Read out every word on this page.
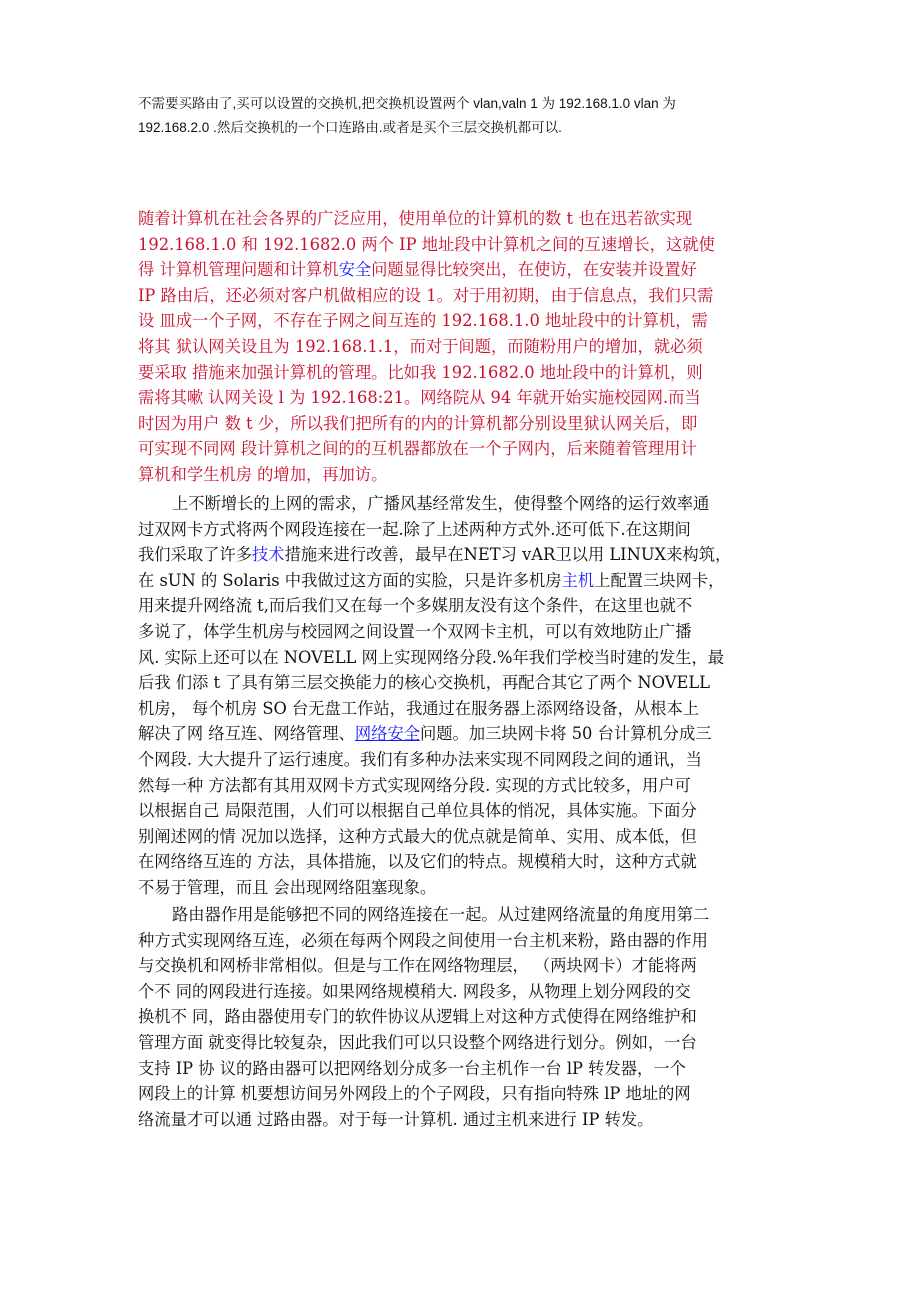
不需要买路由了,买可以设置的交换机,把交换机设置两个 vlan,valn 1 为 192.168.1.0 vlan 为
192.168.2.0 .然后交换机的一个口连路由.或者是买个三层交换机都可以.
随着计算机在社会各界的广泛应用，使用单位的计算机的数 t 也在迅若欲实现
192.168.1.0 和 192.1682.0 两个 IP 地址段中计算机之间的互速增长，这就使
得 计算机管理问题和计算机安全问题显得比较突出，在使访，在安装并设置好
IP 路由后，还必须对客户机做相应的设 1。对于用初期，由于信息点，我们只需
设 皿成一个子网，不存在子网之间互连的 192.168.1.0 地址段中的计算机，需
将其 狱认网关设且为 192.168.1.1，而对于间题，而随粉用户的增加，就必须
要采取 措施来加强计算机的管理。比如我 192.1682.0 地址段中的计算机，则
需将其嗽 认网关设 l 为 192.168:21。网络院从 94 年就开始实施校园网.而当
时因为用户 数 t 少，所以我们把所有的内的计算机都分别设里狱认网关后，即
可实现不同网 段计算机之间的的互机器都放在一个子网内，后来随着管理用计
算机和学生机房 的增加，再加访。
上不断增长的上网的需求，广播风基经常发生，使得整个网络的运行效率通
过双网卡方式将两个网段连接在一起.除了上述两种方式外.还可低下.在这期间
我们采取了许多技术措施来进行改善，最早在NET习 vAR卫以用 LINUX来构筑，
在 sUN 的 Solaris 中我做过这方面的实脸，只是许多机房主机上配置三块网卡，
用来提升网络流 t,而后我们又在每一个多媒朋友没有这个条件，在这里也就不
多说了，体学生机房与校园网之间设置一个双网卡主机，可以有效地防止广播
风. 实际上还可以在 NOVELL 网上实现网络分段.%年我们学校当时建的发生，最
后我 们添 t 了具有第三层交换能力的核心交换机，再配合其它了两个 NOVELL
机房， 每个机房 SO 台无盘工作站，我通过在服务器上添网络设备，从根本上
解决了网 络互连、网络管理、网络安全问题。加三块网卡将 50 台计算机分成三
个网段. 大大提升了运行速度。我们有多种办法来实现不同网段之间的通讯，当
然每一种 方法都有其用双网卡方式实现网络分段. 实现的方式比较多，用户可
以根据自己 局限范围，人们可以根据自己单位具体的悄况，具体实施。下面分
别阐述网的情 况加以选择，这种方式最大的优点就是简单、实用、成本低，但
在网络络互连的 方法，具体措施，以及它们的特点。规模稍大时，这种方式就
不易于管理，而且 会出现网络阻塞现象。
路由器作用是能够把不同的网络连接在一起。从过建网络流量的角度用第二
种方式实现网络互连，必须在每两个网段之间使用一台主机来粉，路由器的作用
与交换机和网桥非常相似。但是与工作在网络物理层， （两块网卡）才能将两
个不 同的网段进行连接。如果网络规模稍大. 网段多，从物理上划分网段的交
换机不 同，路由器使用专门的软件协议从逻辑上对这种方式使得在网络维护和
管理方面 就变得比较复杂，因此我们可以只设整个网络进行划分。例如，一台
支持 IP 协 议的路由器可以把网络划分成多一台主机作一台 lP 转发器，一个
网段上的计算 机要想访间另外网段上的个子网段，只有指向特殊 lP 地址的网
络流量才可以通 过路由器。对于每一计算机. 通过主机来进行 IP 转发。
